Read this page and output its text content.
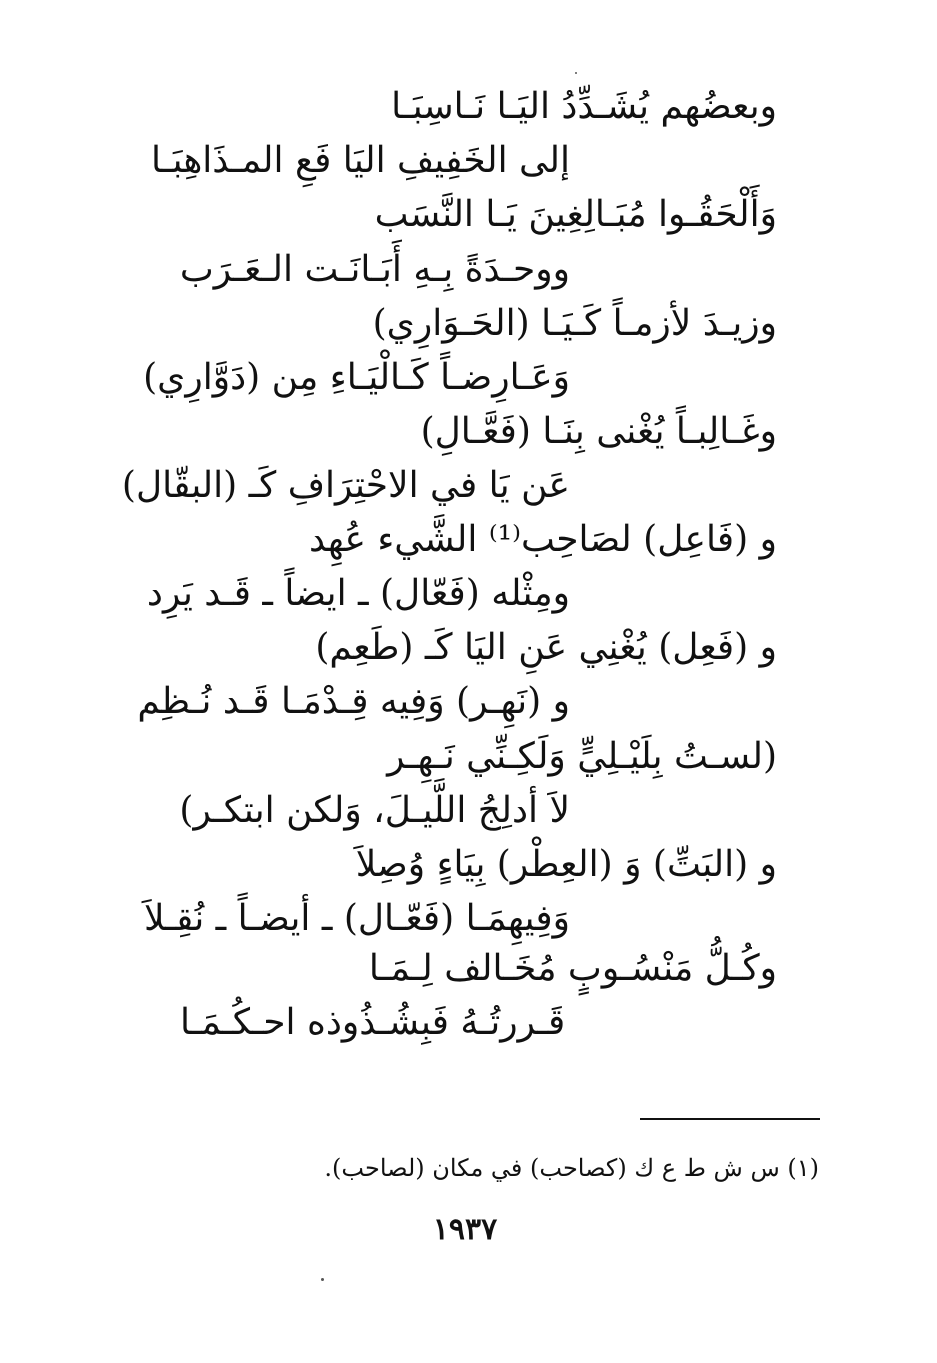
وبعضُهم يُشَـدِّدُ اليَـا نَـاسِبَـا
إلى الخَفِيفِ اليَا فَعِ المـذَاهِبَـا
وَأَلْحَقُـوا مُبَـالِغِينَ يَـا النَّسَب
ووحـدَةً بِـهِ أَبَـانَـت الـعَـرَب
وزيـدَ لأزمـاً كَـيَـا (الحَـوَارِي)
وَعَـارِضـاً كَـالْيَـاءِ مِن (دَوَّارِي)
وغَـالِبـاً يُغْنى بِنَـا (فَعَّـالِ)
عَن يَا في الاحْتِرَافِ كَـ (البقّال)
و (فَاعِل) لصَاحِب⁽¹⁾ الشَّيء عُهِد
ومِثْله (فَعّال) ـ ايضاً ـ قَـد يَرِد
و (فَعِل) يُغْنِي عَنِ اليَا كَـ (طَعِم)
و (نَهِـر) وَفِيه قِـدْمَـا قَـد نُـظِم
(لسـتُ بِلَيْـلِيٍّ وَلَكِـنِّي نَـهِـر
لاَ أدلِجُ اللَّيـلَ، وَلكن ابتكـر)
و (البَتِّ) وَ (العِطْر) بِيَاءٍ وُصِلاَ
وَفِيهِمَـا (فَعّـال) ـ أيضـاً ـ نُقِـلاَ
وكُـلُّ مَنْسُـوبٍ مُخَـالف لِـمَـا
قَـررتُـهُ فَبِشُـذُوذه احـكُـمَـا
(١) س ش ط ع ك (كصاحب) في مكان (لصاحب).
١٩٣٧
